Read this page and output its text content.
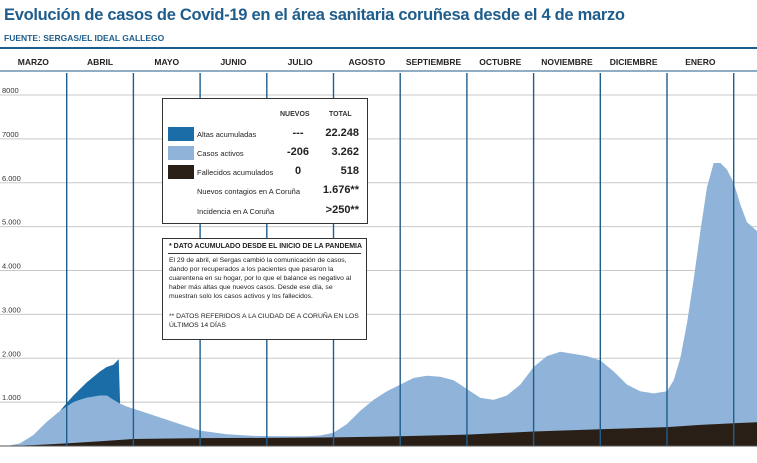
Evolución de casos de Covid-19 en el área sanitaria coruñesa desde el 4 de marzo
FUENTE: SERGAS/EL IDEAL GALLEGO
8000
7000
6.000
5.000
4.000
3.000
2.000
1.000
MARZO	ABRIL	MAYO	JUNIO	JULIO	AGOSTO SEPTIEMBRE OCTUBRE NOVIEMBRE DICIEMBRE	ENERO
NUEVOS	TOTAL
Altas acumuladas	---	22.248
Casos activos	-206	3.262
Fallecidos acumulados	0	518
Nuevos contagios en A Coruña 1.676**
Incidencia en A Coruña	>250**
* DATO ACUMULADO DESDE EL INICIO DE LA PANDEMIA
El 29 de abril, el Sergas cambió la comunicación de casos, dando por recuperados a los pacientes que pasaron la cuarentena en su hogar, por lo que el balance es negativo al haber más altas que nuevos casos. Desde ese día, se muestran solo los casos activos y los fallecidos.
** DATOS REFERIDOS A LA CIUDAD DE A CORUÑA EN LOS ÚLTIMOS 14 DÍAS
